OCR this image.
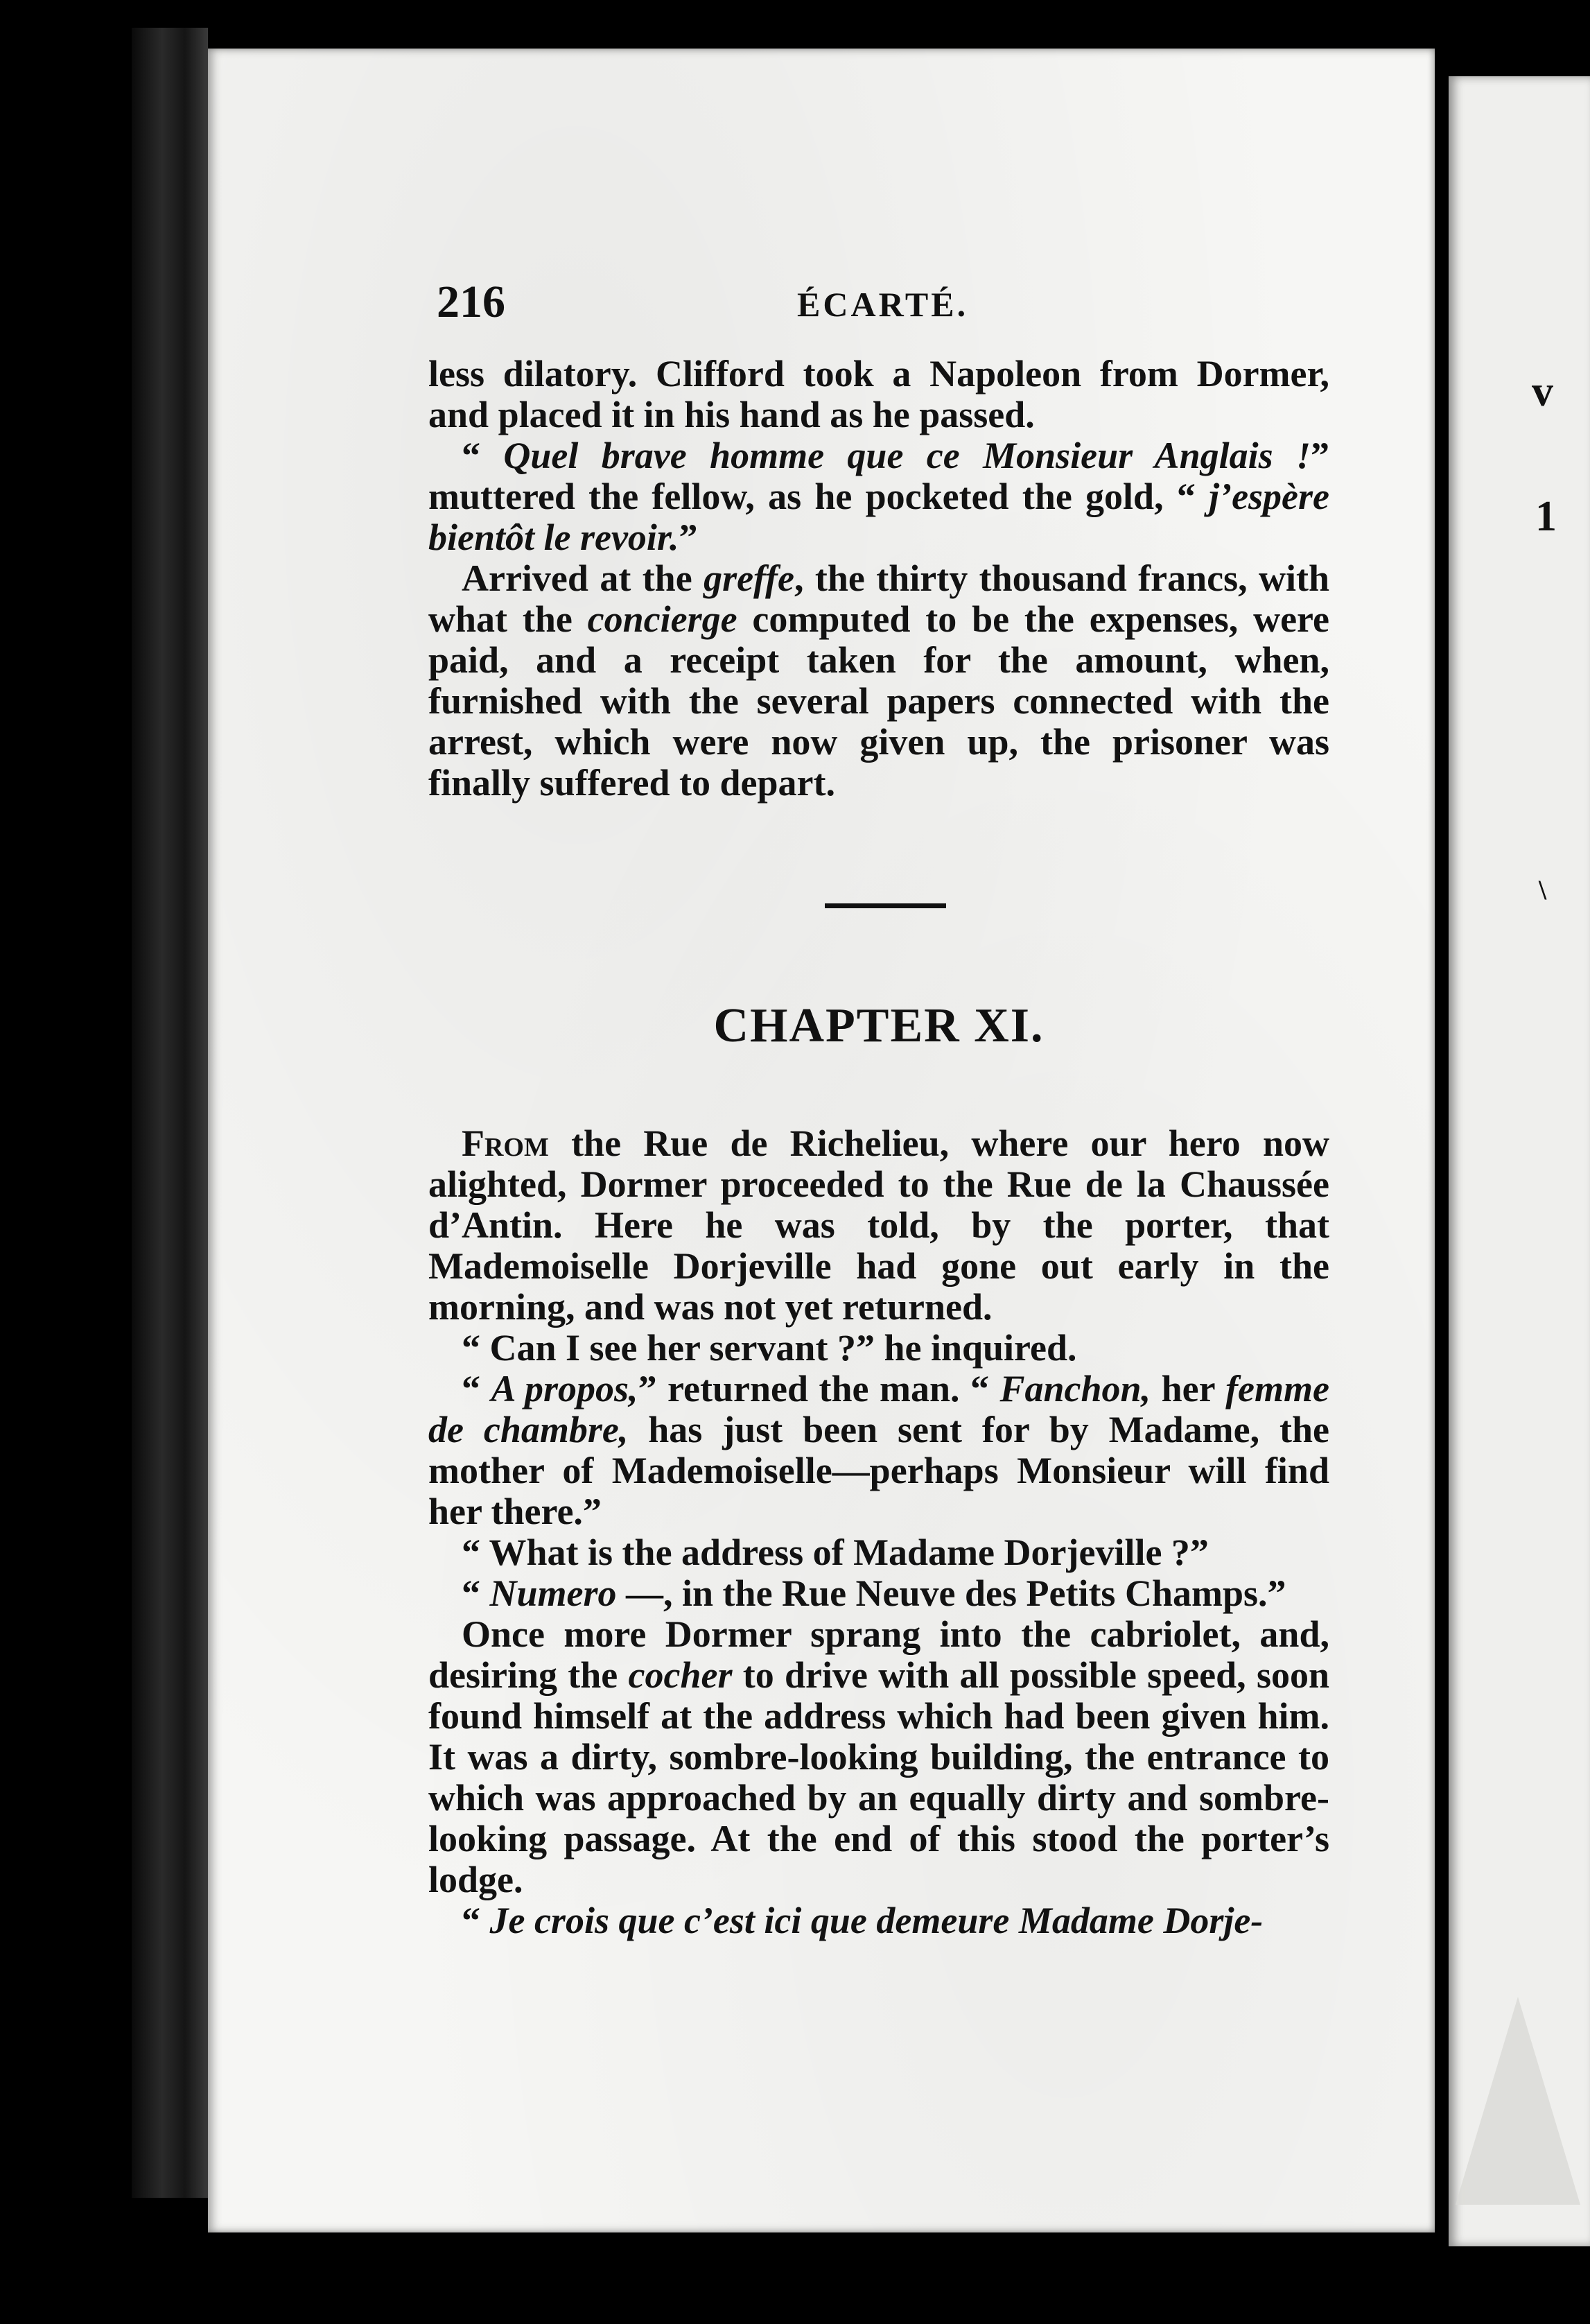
v
1
\
216	ÉCARTÉ.

less dilatory. Clifford took a Napoleon from Dormer, and placed it in his hand as he passed.

“ Quel brave homme que ce Monsieur Anglais !” muttered the fellow, as he pocketed the gold, “ j’espère bientôt le revoir.”

Arrived at the greffe, the thirty thousand francs, with what the concierge computed to be the expenses, were paid, and a receipt taken for the amount, when, furnished with the several papers connected with the arrest, which were now given up, the prisoner was finally suffered to depart.

CHAPTER XI.

From the Rue de Richelieu, where our hero now alighted, Dormer proceeded to the Rue de la Chaussée d’Antin. Here he was told, by the porter, that Mademoiselle Dorjeville had gone out early in the morning, and was not yet returned.

“ Can I see her servant ?” he inquired.

“ A propos,” returned the man. “ Fanchon, her femme de chambre, has just been sent for by Madame, the mother of Mademoiselle—perhaps Monsieur will find her there.”

“ What is the address of Madame Dorjeville ?”

“ Numero —, in the Rue Neuve des Petits Champs.”

Once more Dormer sprang into the cabriolet, and, desiring the cocher to drive with all possible speed, soon found himself at the address which had been given him. It was a dirty, sombre-looking building, the entrance to which was approached by an equally dirty and sombre-looking passage. At the end of this stood the porter’s lodge.

“ Je crois que c’est ici que demeure Madame Dorje-
